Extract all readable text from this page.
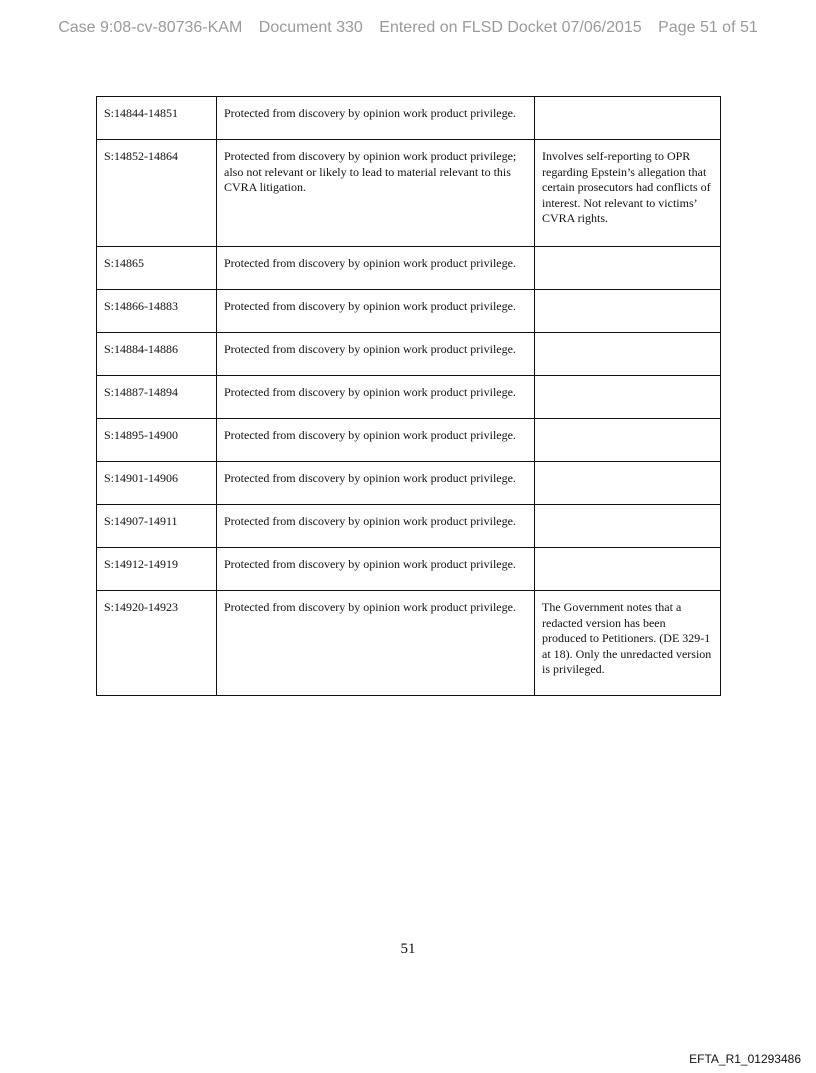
Case 9:08-cv-80736-KAM Document 330 Entered on FLSD Docket 07/06/2015 Page 51 of 51
S:14844-14851	Protected from discovery by opinion work product privilege.	
S:14852-14864	Protected from discovery by opinion work product privilege; also not relevant or likely to lead to material relevant to this CVRA litigation.	Involves self-reporting to OPR regarding Epstein’s allegation that certain prosecutors had conflicts of interest. Not relevant to victims’ CVRA rights.
S:14865	Protected from discovery by opinion work product privilege.	
S:14866-14883	Protected from discovery by opinion work product privilege.	
S:14884-14886	Protected from discovery by opinion work product privilege.	
S:14887-14894	Protected from discovery by opinion work product privilege.	
S:14895-14900	Protected from discovery by opinion work product privilege.	
S:14901-14906	Protected from discovery by opinion work product privilege.	
S:14907-14911	Protected from discovery by opinion work product privilege.	
S:14912-14919	Protected from discovery by opinion work product privilege.	
S:14920-14923	Protected from discovery by opinion work product privilege.	The Government notes that a redacted version has been produced to Petitioners. (DE 329-1 at 18). Only the unredacted version is privileged.
51
EFTA_R1_01293486
